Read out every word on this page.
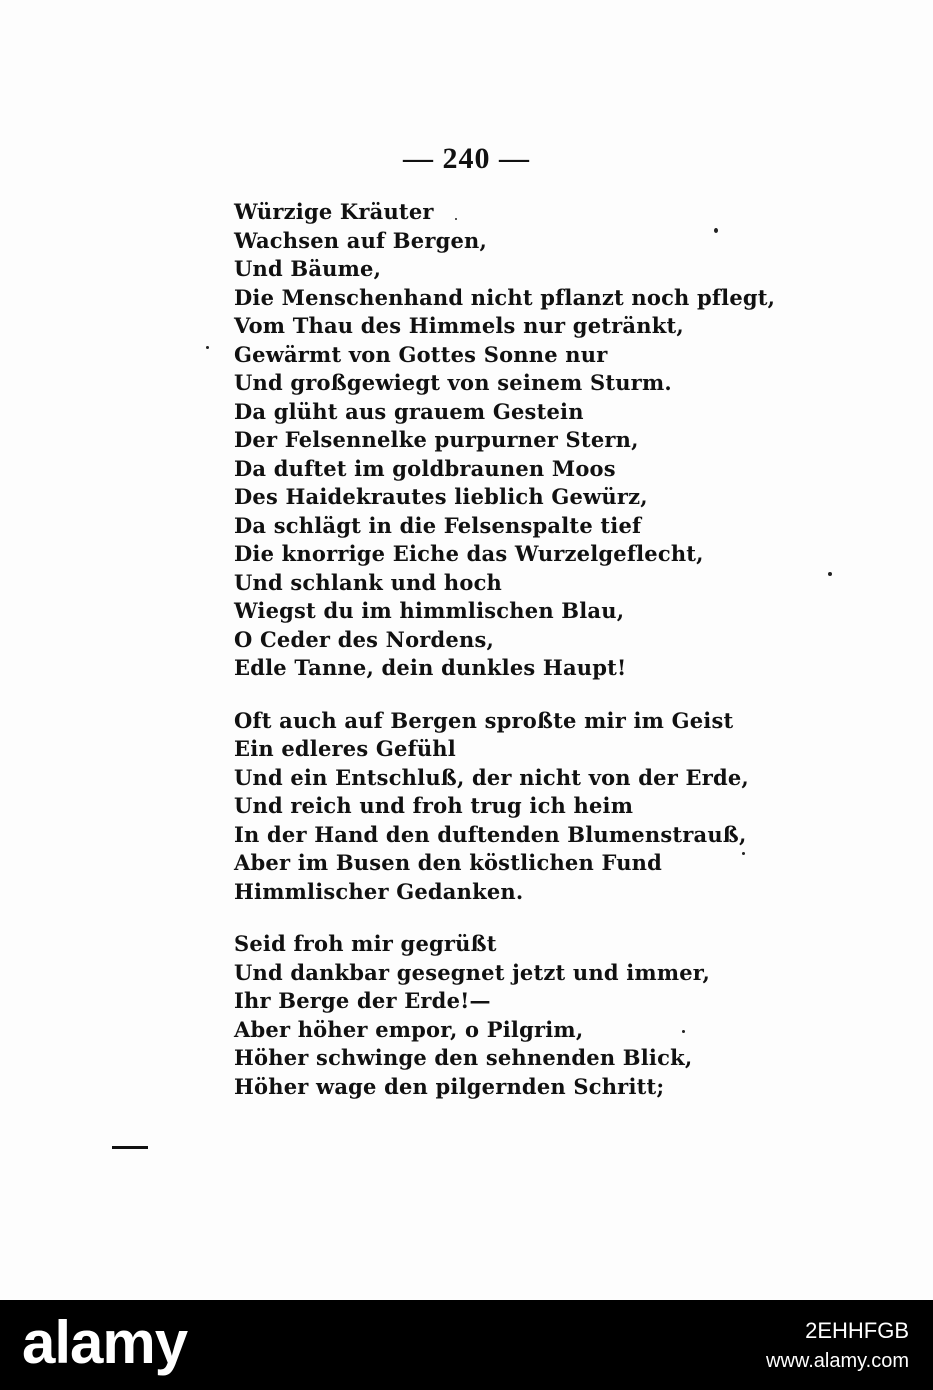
— 240 —
Würzige Kräuter
Wachsen auf Bergen,
Und Bäume,
Die Menschenhand nicht pflanzt noch pflegt,
Vom Thau des Himmels nur getränkt,
Gewärmt von Gottes Sonne nur
Und großgewiegt von seinem Sturm.
Da glüht aus grauem Gestein
Der Felsennelke purpurner Stern,
Da duftet im goldbraunen Moos
Des Haidekrautes lieblich Gewürz,
Da schlägt in die Felsenspalte tief
Die knorrige Eiche das Wurzelgeflecht,
Und schlank und hoch
Wiegst du im himmlischen Blau,
O Ceder des Nordens,
Edle Tanne, dein dunkles Haupt!
Oft auch auf Bergen sproßte mir im Geist
Ein edleres Gefühl
Und ein Entschluß, der nicht von der Erde,
Und reich und froh trug ich heim
In der Hand den duftenden Blumenstrauß,
Aber im Busen den köstlichen Fund
Himmlischer Gedanken.
Seid froh mir gegrüßt
Und dankbar gesegnet jetzt und immer,
Ihr Berge der Erde!—
Aber höher empor, o Pilgrim,
Höher schwinge den sehnenden Blick,
Höher wage den pilgernden Schritt;
alamy	2EHHFGB
www.alamy.com
